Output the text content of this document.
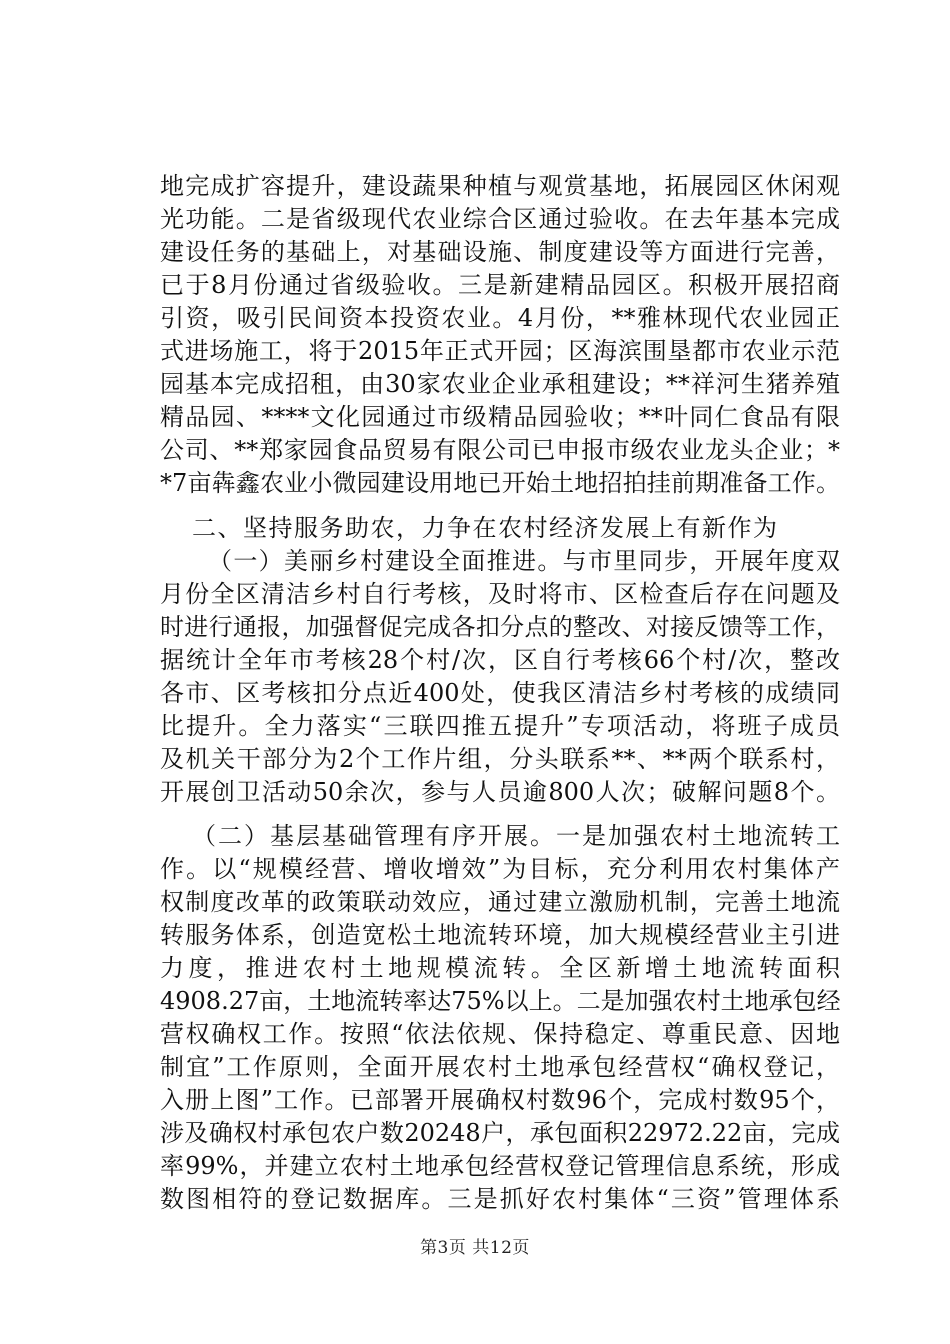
地完成扩容提升，建设蔬果种植与观赏基地，拓展园区休闲观
光功能。二是省级现代农业综合区通过验收。在去年基本完成
建设任务的基础上，对基础设施、制度建设等方面进行完善，
已于8月份通过省级验收。三是新建精品园区。积极开展招商
引资，吸引民间资本投资农业。4月份，**雅林现代农业园正
式进场施工，将于2015年正式开园；区海滨围垦都市农业示范
园基本完成招租，由30家农业企业承租建设；**祥河生猪养殖
精品园、****文化园通过市级精品园验收；**叶同仁食品有限
公司、**郑家园食品贸易有限公司已申报市级农业龙头企业；*
*7亩犇鑫农业小微园建设用地已开始土地招拍挂前期准备工作。
二、坚持服务助农，力争在农村经济发展上有新作为
（一）美丽乡村建设全面推进。与市里同步，开展年度双
月份全区清洁乡村自行考核，及时将市、区检查后存在问题及
时进行通报，加强督促完成各扣分点的整改、对接反馈等工作，
据统计全年市考核28个村/次，区自行考核66个村/次，整改
各市、区考核扣分点近400处，使我区清洁乡村考核的成绩同
比提升。全力落实“三联四推五提升”专项活动，将班子成员
及机关干部分为2个工作片组，分头联系**、**两个联系村，
开展创卫活动50余次，参与人员逾800人次；破解问题8个。
（二）基层基础管理有序开展。一是加强农村土地流转工
作。以“规模经营、增收增效”为目标，充分利用农村集体产
权制度改革的政策联动效应，通过建立激励机制，完善土地流
转服务体系，创造宽松土地流转环境，加大规模经营业主引进
力度，推进农村土地规模流转。全区新增土地流转面积
4908.27亩，土地流转率达75%以上。二是加强农村土地承包经
营权确权工作。按照“依法依规、保持稳定、尊重民意、因地
制宜”工作原则，全面开展农村土地承包经营权“确权登记，
入册上图”工作。已部署开展确权村数96个，完成村数95个，
涉及确权村承包农户数20248户，承包面积22972.22亩，完成
率99%，并建立农村土地承包经营权登记管理信息系统，形成
数图相符的登记数据库。三是抓好农村集体“三资”管理体系
第3页 共12页
